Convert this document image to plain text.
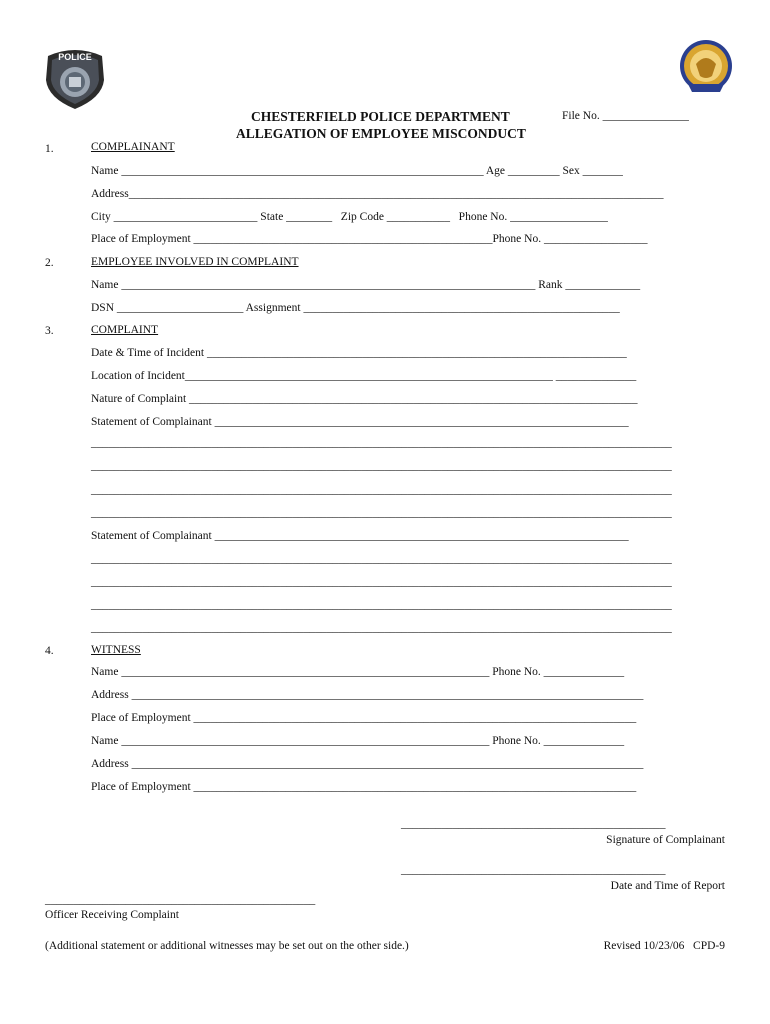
POLICE
CHESTERFIELD POLICE DEPARTMENT
ALLEGATION OF EMPLOYEE MISCONDUCT
File No. _______________
1.	COMPLAINANT
Name _______________________________________________________________ Age _________ Sex _______
Address_____________________________________________________________________________________________
City _________________________ State ________   Zip Code ___________   Phone No. _________________
Place of Employment ____________________________________________________Phone No. __________________
2.	EMPLOYEE INVOLVED IN COMPLAINT
Name ________________________________________________________________________ Rank _____________
DSN ______________________ Assignment _______________________________________________________
3.	COMPLAINT
Date & Time of Incident _________________________________________________________________________
Location of Incident________________________________________________________________ ______________
Nature of Complaint ______________________________________________________________________________
Statement of Complainant ________________________________________________________________________
_____________________________________________________________________________________________________
_____________________________________________________________________________________________________
_____________________________________________________________________________________________________
_____________________________________________________________________________________________________
Statement of Complainant ________________________________________________________________________
_____________________________________________________________________________________________________
_____________________________________________________________________________________________________
_____________________________________________________________________________________________________
_____________________________________________________________________________________________________
4.	WITNESS
Name ________________________________________________________________ Phone No. ______________
Address _________________________________________________________________________________________
Place of Employment _____________________________________________________________________________
Name ________________________________________________________________ Phone No. ______________
Address _________________________________________________________________________________________
Place of Employment _____________________________________________________________________________
______________________________________________
Signature of Complainant
______________________________________________
Date and Time of Report
_______________________________________________
Officer Receiving Complaint
(Additional statement or additional witnesses may be set out on the other side.)	Revised 10/23/06   CPD-9
